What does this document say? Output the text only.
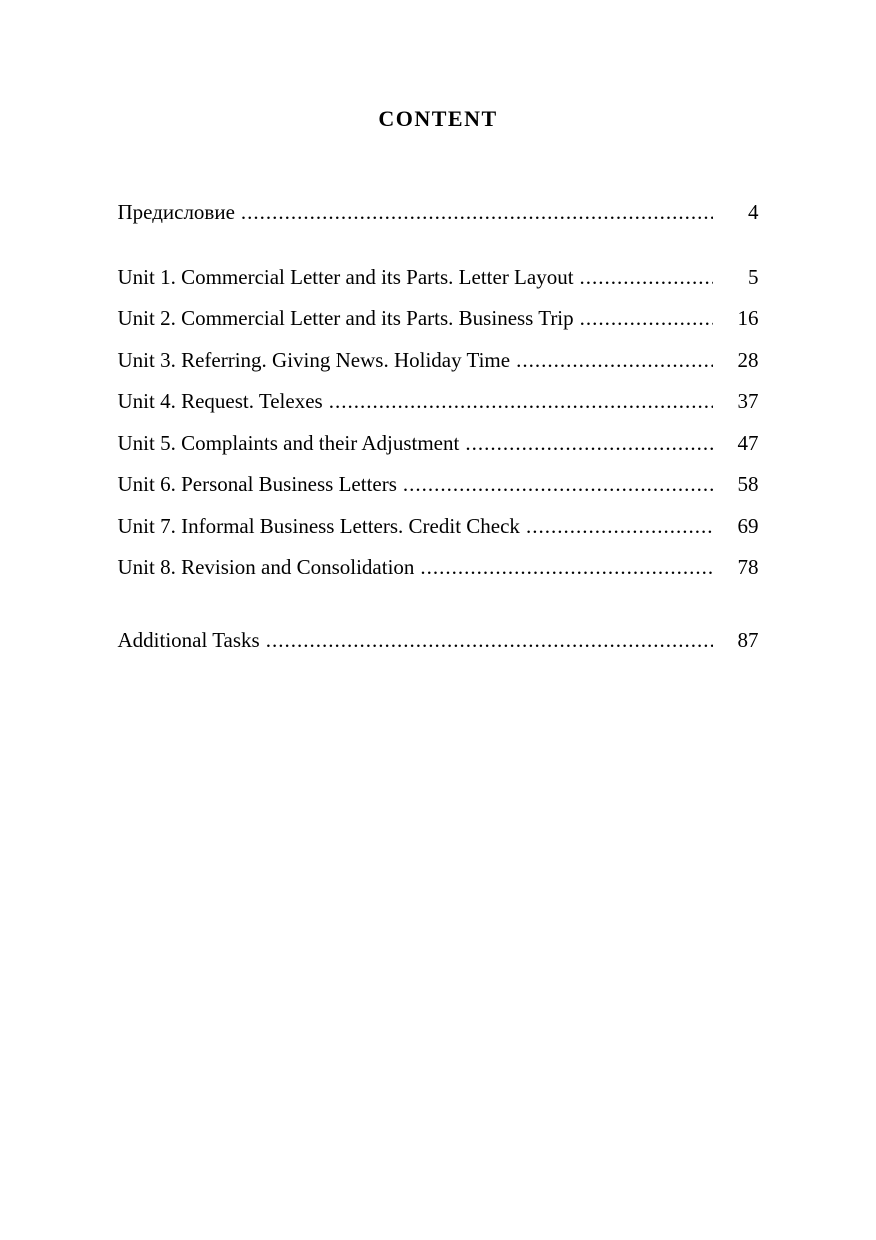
CONTENT
Предисловие .....	4
Unit 1. Commercial Letter and its Parts. Letter Layout .....	5
Unit 2. Commercial Letter and its Parts. Business Trip .....	16
Unit 3. Referring. Giving News. Holiday Time .....	28
Unit 4. Request. Telexes .....	37
Unit 5. Complaints and their Adjustment .....	47
Unit 6. Personal Business Letters .....	58
Unit 7. Informal Business Letters. Credit Check .....	69
Unit 8. Revision and Consolidation .....	78
Additional Tasks .....	87
